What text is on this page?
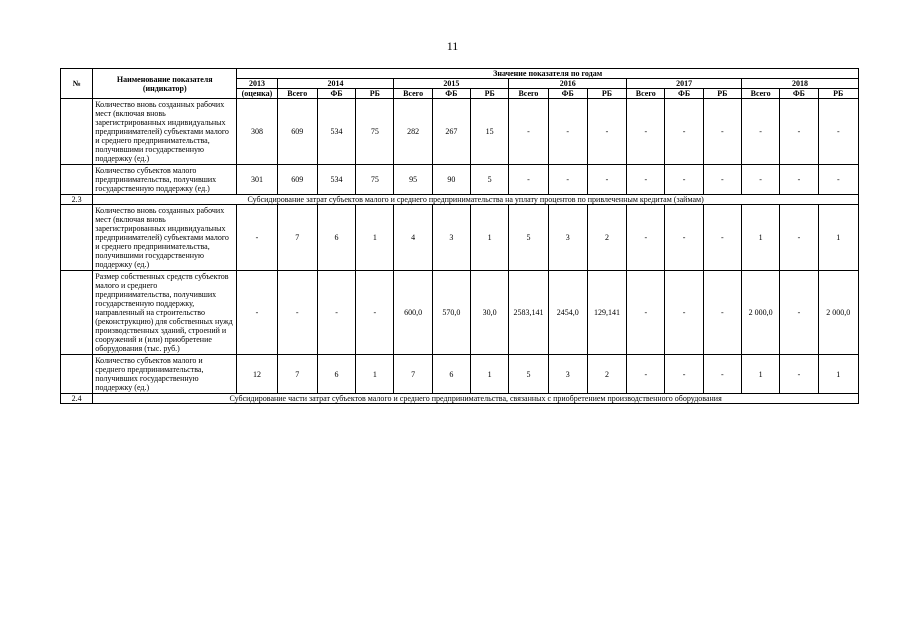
11
№	Наименование показателя (индикатор)	Значение показателя по годам															
		2013	2014			2015			2016			2017			2018		
		(оценка)	Всего	ФБ	РБ	Всего	ФБ	РБ	Всего	ФБ	РБ	Всего	ФБ	РБ	Всего	ФБ	РБ
	Количество вновь созданных рабочих мест (включая вновь зарегистрированных индивидуальных предпринимателей) субъектами малого и среднего предпринимательства, получившими государственную поддержку (ед.)	308	609	534	75	282	267	15	-	-	-	-	-	-	-	-	-
	Количество субъектов малого предпринимательства, получивших государственную поддержку (ед.)	301	609	534	75	95	90	5	-	-	-	-	-	-	-	-	-
2.3	Субсидирование затрат субъектов малого и среднего предпринимательства на уплату процентов по привлеченным кредитам (займам)																
	Количество вновь созданных рабочих мест (включая вновь зарегистрированных индивидуальных предпринимателей) субъектами малого и среднего предпринимательства, получившими государственную поддержку (ед.)	-	7	6	1	4	3	1	5	3	2	-	-	-	1	-	1
	Размер собственных средств субъектов малого и среднего предпринимательства, получивших государственную поддержку, направленный на строительство (реконструкцию) для собственных нужд производственных зданий, строений и сооружений и (или) приобретение оборудования (тыс. руб.)	-	-	-	-	600,0	570,0	30,0	2583,141	2454,0	129,141	-	-	-	2 000,0	-	2 000,0
	Количество субъектов малого и среднего предпринимательства, получивших государственную поддержку (ед.)	12	7	6	1	7	6	1	5	3	2	-	-	-	1	-	1
2.4	Субсидирование части затрат субъектов малого и среднего предпринимательства, связанных с приобретением производственного оборудования																
